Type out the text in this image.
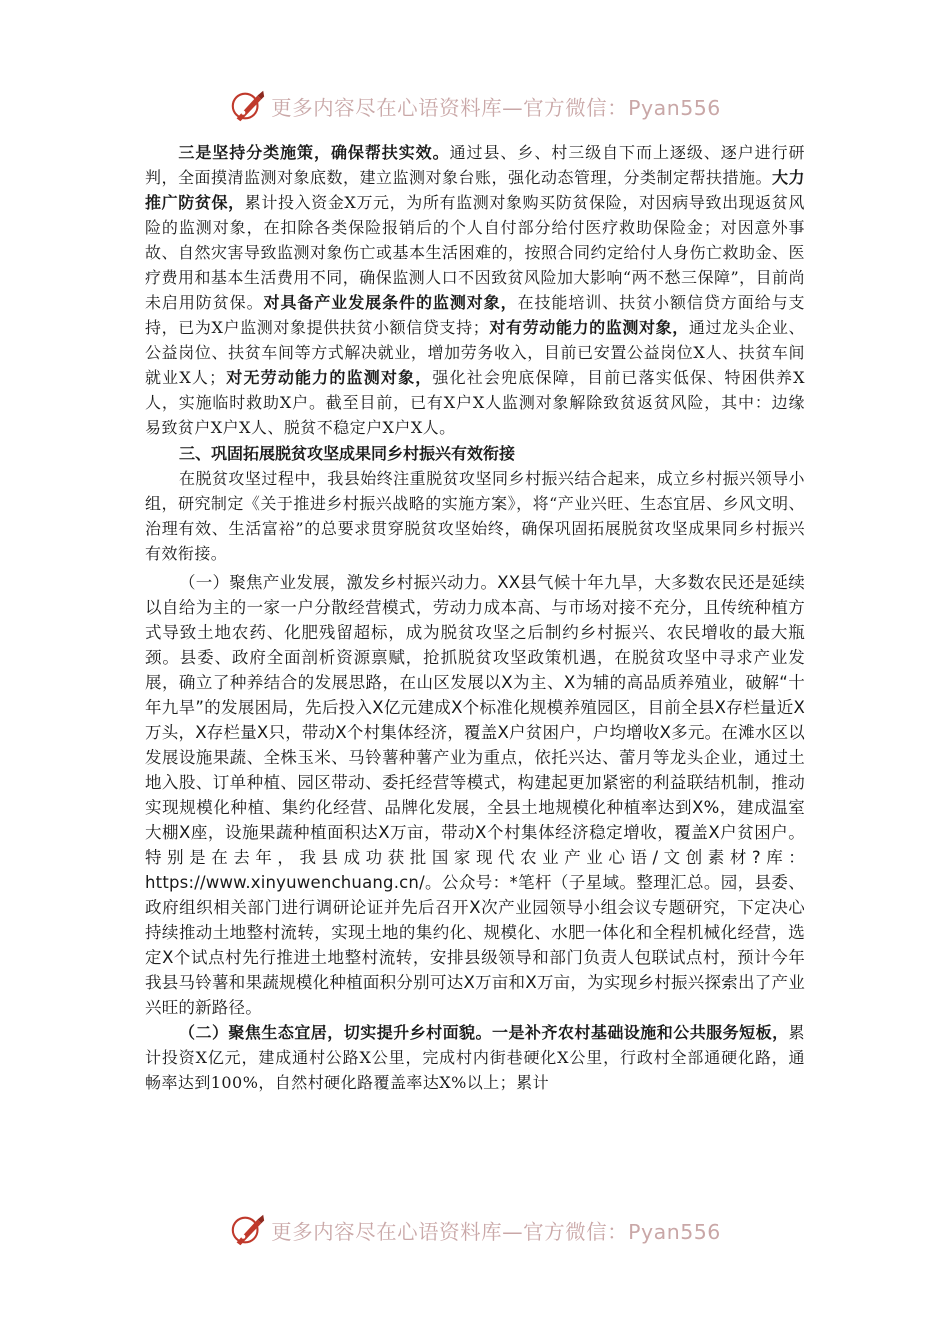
更多内容尽在心语资料库—官方微信：Pyan556

  三是坚持分类施策，确保帮扶实效。通过县、乡、村三级自下而上逐级、逐户进行研判，全面摸清监测对象底数，建立监测对象台账，强化动态管理，分类制定帮扶措施。大力推广防贫保，累计投入资金X万元，为所有监测对象购买防贫保险，对因病导致出现返贫风险的监测对象，在扣除各类保险报销后的个人自付部分给付医疗救助保险金；对因意外事故、自然灾害导致监测对象伤亡或基本生活困难的，按照合同约定给付人身伤亡救助金、医疗费用和基本生活费用不同，确保监测人口不因致贫风险加大影响“两不愁三保障”，目前尚未启用防贫保。对具备产业发展条件的监测对象，在技能培训、扶贫小额信贷方面给与支持，已为X户监测对象提供扶贫小额信贷支持；对有劳动能力的监测对象，通过龙头企业、公益岗位、扶贫车间等方式解决就业，增加劳务收入，目前已安置公益岗位X人、扶贫车间就业X人；对无劳动能力的监测对象，强化社会兜底保障，目前已落实低保、特困供养X人，实施临时救助X户。截至目前，已有X户X人监测对象解除致贫返贫风险，其中：边缘易致贫户X户X人、脱贫不稳定户X户X人。

三、巩固拓展脱贫攻坚成果同乡村振兴有效衔接

在脱贫攻坚过程中，我县始终注重脱贫攻坚同乡村振兴结合起来，成立乡村振兴领导小组，研究制定《关于推进乡村振兴战略的实施方案》，将“产业兴旺、生态宜居、乡风文明、治理有效、生活富裕”的总要求贯穿脱贫攻坚始终，确保巩固拓展脱贫攻坚成果同乡村振兴有效衔接。

（一）聚焦产业发展，激发乡村振兴动力。XX县气候十年九旱，大多数农民还是延续以自给为主的一家一户分散经营模式，劳动力成本高、与市场对接不充分，且传统种植方式导致土地农药、化肥残留超标，成为脱贫攻坚之后制约乡村振兴、农民增收的最大瓶颈。县委、政府全面剖析资源禀赋，抢抓脱贫攻坚政策机遇，在脱贫攻坚中寻求产业发展，确立了种养结合的发展思路，在山区发展以X为主、X为辅的高品质养殖业，破解“十年九旱”的发展困局，先后投入X亿元建成X个标准化规模养殖园区，目前全县X存栏量近X万头，X存栏量X只，带动X个村集体经济，覆盖X户贫困户，户均增收X多元。在滩水区以发展设施果蔬、全株玉米、马铃薯种薯产业为重点，依托兴达、蕾月等龙头企业，通过土地入股、订单种植、园区带动、委托经营等模式，构建起更加紧密的利益联结机制，推动实现规模化种植、集约化经营、品牌化发展，全县土地规模化种植率达到X%，建成温室大棚X座，设施果蔬种植面积达X万亩，带动X个村集体经济稳定增收，覆盖X户贫困户。特别是在去年，我县成功获批国家现代农业产业心语/文创素材?库：https://www.xinyuwenchuang.cn/。公众号：*笔杆（子星域。整理汇总。园，县委、政府组织相关部门进行调研论证并先后召开X次产业园领导小组会议专题研究，下定决心持续推动土地整村流转，实现土地的集约化、规模化、水肥一体化和全程机械化经营，选定X个试点村先行推进土地整村流转，安排县级领导和部门负责人包联试点村，预计今年我县马铃薯和果蔬规模化种植面积分别可达X万亩和X万亩，为实现乡村振兴探索出了产业兴旺的新路径。

（二）聚焦生态宜居，切实提升乡村面貌。一是补齐农村基础设施和公共服务短板，累计投资X亿元，建成通村公路X公里，完成村内街巷硬化X公里，行政村全部通硬化路，通畅率达到100%，自然村硬化路覆盖率达X%以上；累计

更多内容尽在心语资料库—官方微信：Pyan556
